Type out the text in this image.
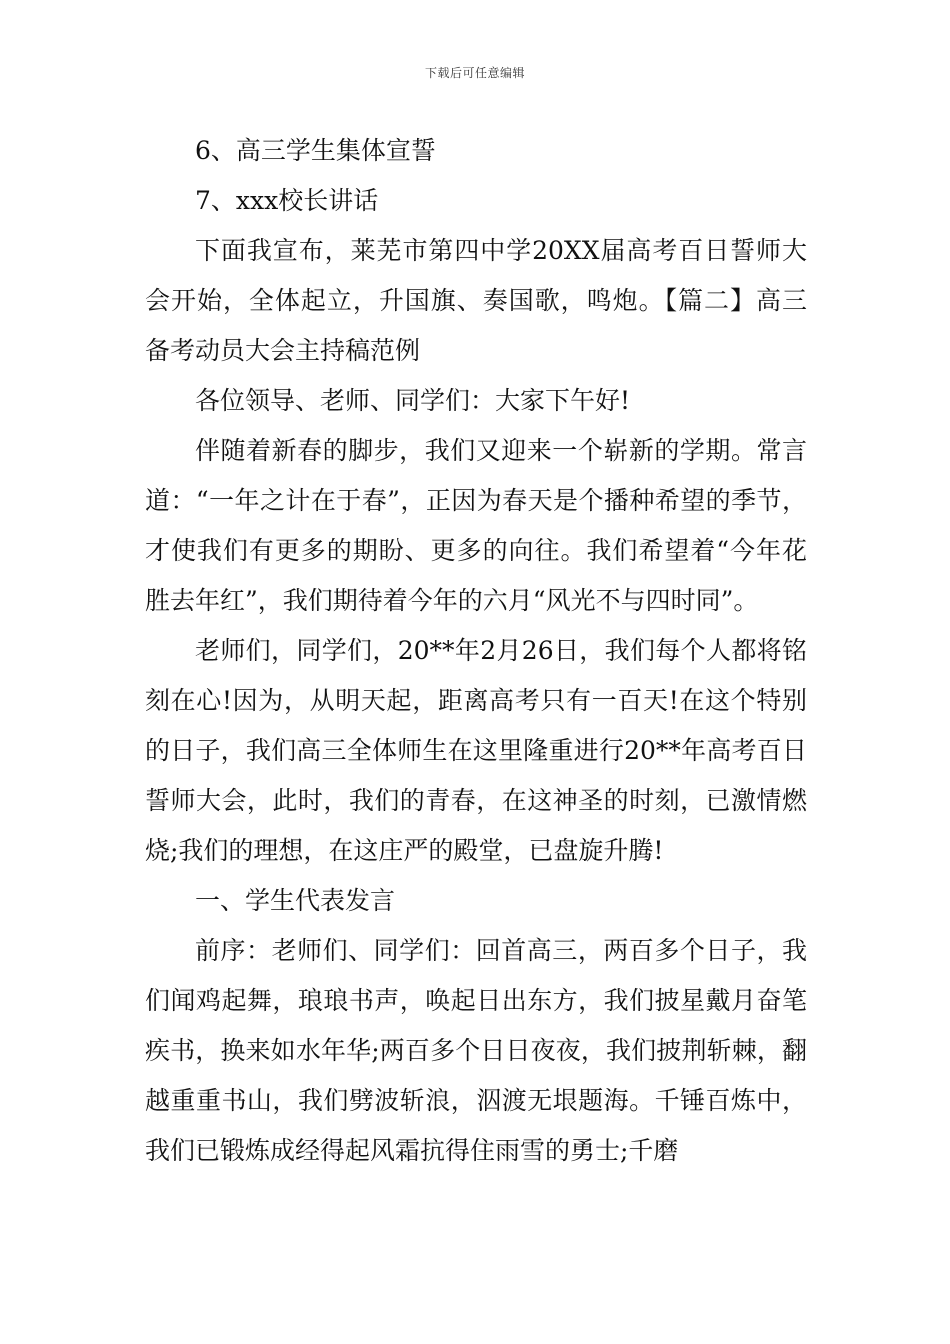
下载后可任意编辑

6、高三学生集体宣誓

7、xxx校长讲话

下面我宣布，莱芜市第四中学20XX届高考百日誓师大会开始，全体起立，升国旗、奏国歌，鸣炮。【篇二】高三备考动员大会主持稿范例

各位领导、老师、同学们：大家下午好!

伴随着新春的脚步，我们又迎来一个崭新的学期。常言道：“一年之计在于春”，正因为春天是个播种希望的季节，才使我们有更多的期盼、更多的向往。我们希望着“今年花胜去年红”，我们期待着今年的六月“风光不与四时同”。

老师们，同学们，20**年2月26日，我们每个人都将铭刻在心!因为，从明天起，距离高考只有一百天!在这个特别的日子，我们高三全体师生在这里隆重进行20**年高考百日誓师大会，此时，我们的青春，在这神圣的时刻，已激情燃烧;我们的理想，在这庄严的殿堂，已盘旋升腾!

一、学生代表发言

前序：老师们、同学们：回首高三，两百多个日子，我们闻鸡起舞，琅琅书声，唤起日出东方，我们披星戴月奋笔疾书，换来如水年华;两百多个日日夜夜，我们披荆斩棘，翻越重重书山，我们劈波斩浪，泅渡无垠题海。千锤百炼中，我们已锻炼成经得起风霜抗得住雨雪的勇士;千磨
